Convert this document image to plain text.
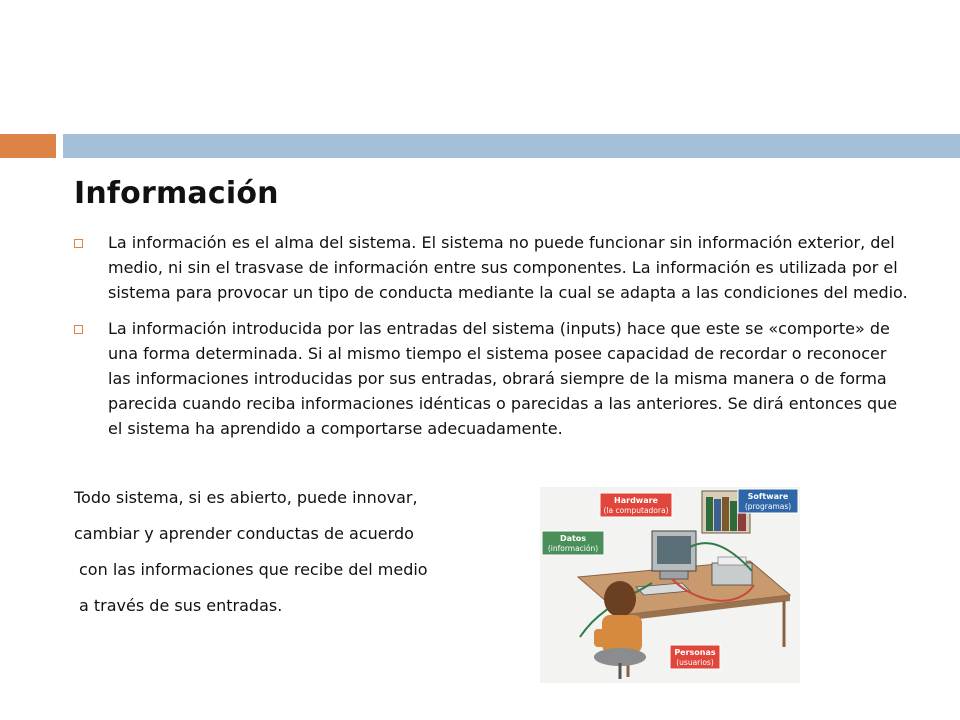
Información
La información es el alma del sistema. El sistema no puede funcionar sin información exterior, del medio, ni sin el trasvase de información entre sus componentes. La información es utilizada por el sistema para provocar un tipo de conducta mediante la cual se adapta a las condiciones del medio.
La información introducida por las entradas del sistema (inputs) hace que este se «comporte» de una forma determinada. Si al mismo tiempo el sistema posee capacidad de recordar o reconocer las informaciones introducidas por sus entradas, obrará siempre de la misma manera o de forma parecida cuando reciba informaciones idénticas o parecidas a las anteriores. Se dirá entonces que el sistema ha aprendido a comportarse adecuadamente.
Todo sistema, si es abierto, puede innovar,
cambiar y aprender conductas de acuerdo
con las informaciones que recibe del medio
a través de sus entradas.
Hardware
(la computadora)
Software
(programas)
Datos
(información)
Personas
(usuarios)
